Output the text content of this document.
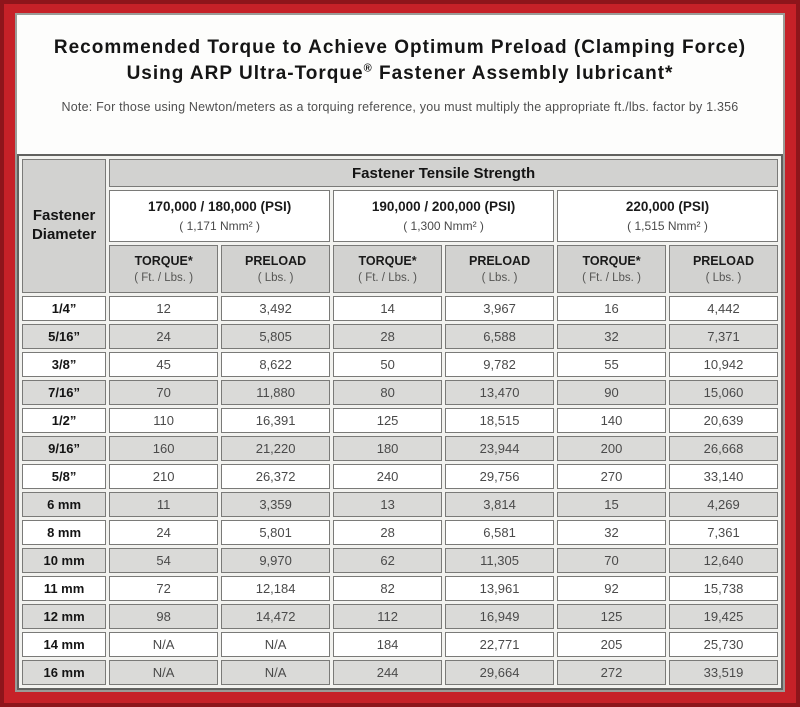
Recommended Torque to Achieve Optimum Preload (Clamping Force)
Using ARP Ultra-Torque® Fastener Assembly lubricant*
Note: For those using Newton/meters as a torquing reference, you must multiply the appropriate ft./lbs. factor by 1.356
Fastener
Diameter	Fastener Tensile Strength					

170,000 / 180,000 (PSI)
( 1,171 Nmm² )

190,000 / 200,000 (PSI)
( 1,300 Nmm² )

220,000 (PSI)
( 1,515 Nmm² )

TORQUE*
( Ft. / Lbs. )

PRELOAD
( Lbs. )

TORQUE*
( Ft. / Lbs. )

PRELOAD
( Lbs. )

TORQUE*
( Ft. / Lbs. )

PRELOAD
( Lbs. )

1/4”	12	3,492	14	3,967	16	4,442
5/16”	24	5,805	28	6,588	32	7,371
3/8”	45	8,622	50	9,782	55	10,942
7/16”	70	11,880	80	13,470	90	15,060
1/2”	110	16,391	125	18,515	140	20,639
9/16”	160	21,220	180	23,944	200	26,668
5/8”	210	26,372	240	29,756	270	33,140
6 mm	11	3,359	13	3,814	15	4,269
8 mm	24	5,801	28	6,581	32	7,361
10 mm	54	9,970	62	11,305	70	12,640
11 mm	72	12,184	82	13,961	92	15,738
12 mm	98	14,472	112	16,949	125	19,425
14 mm	N/A	N/A	184	22,771	205	25,730
16 mm	N/A	N/A	244	29,664	272	33,519
